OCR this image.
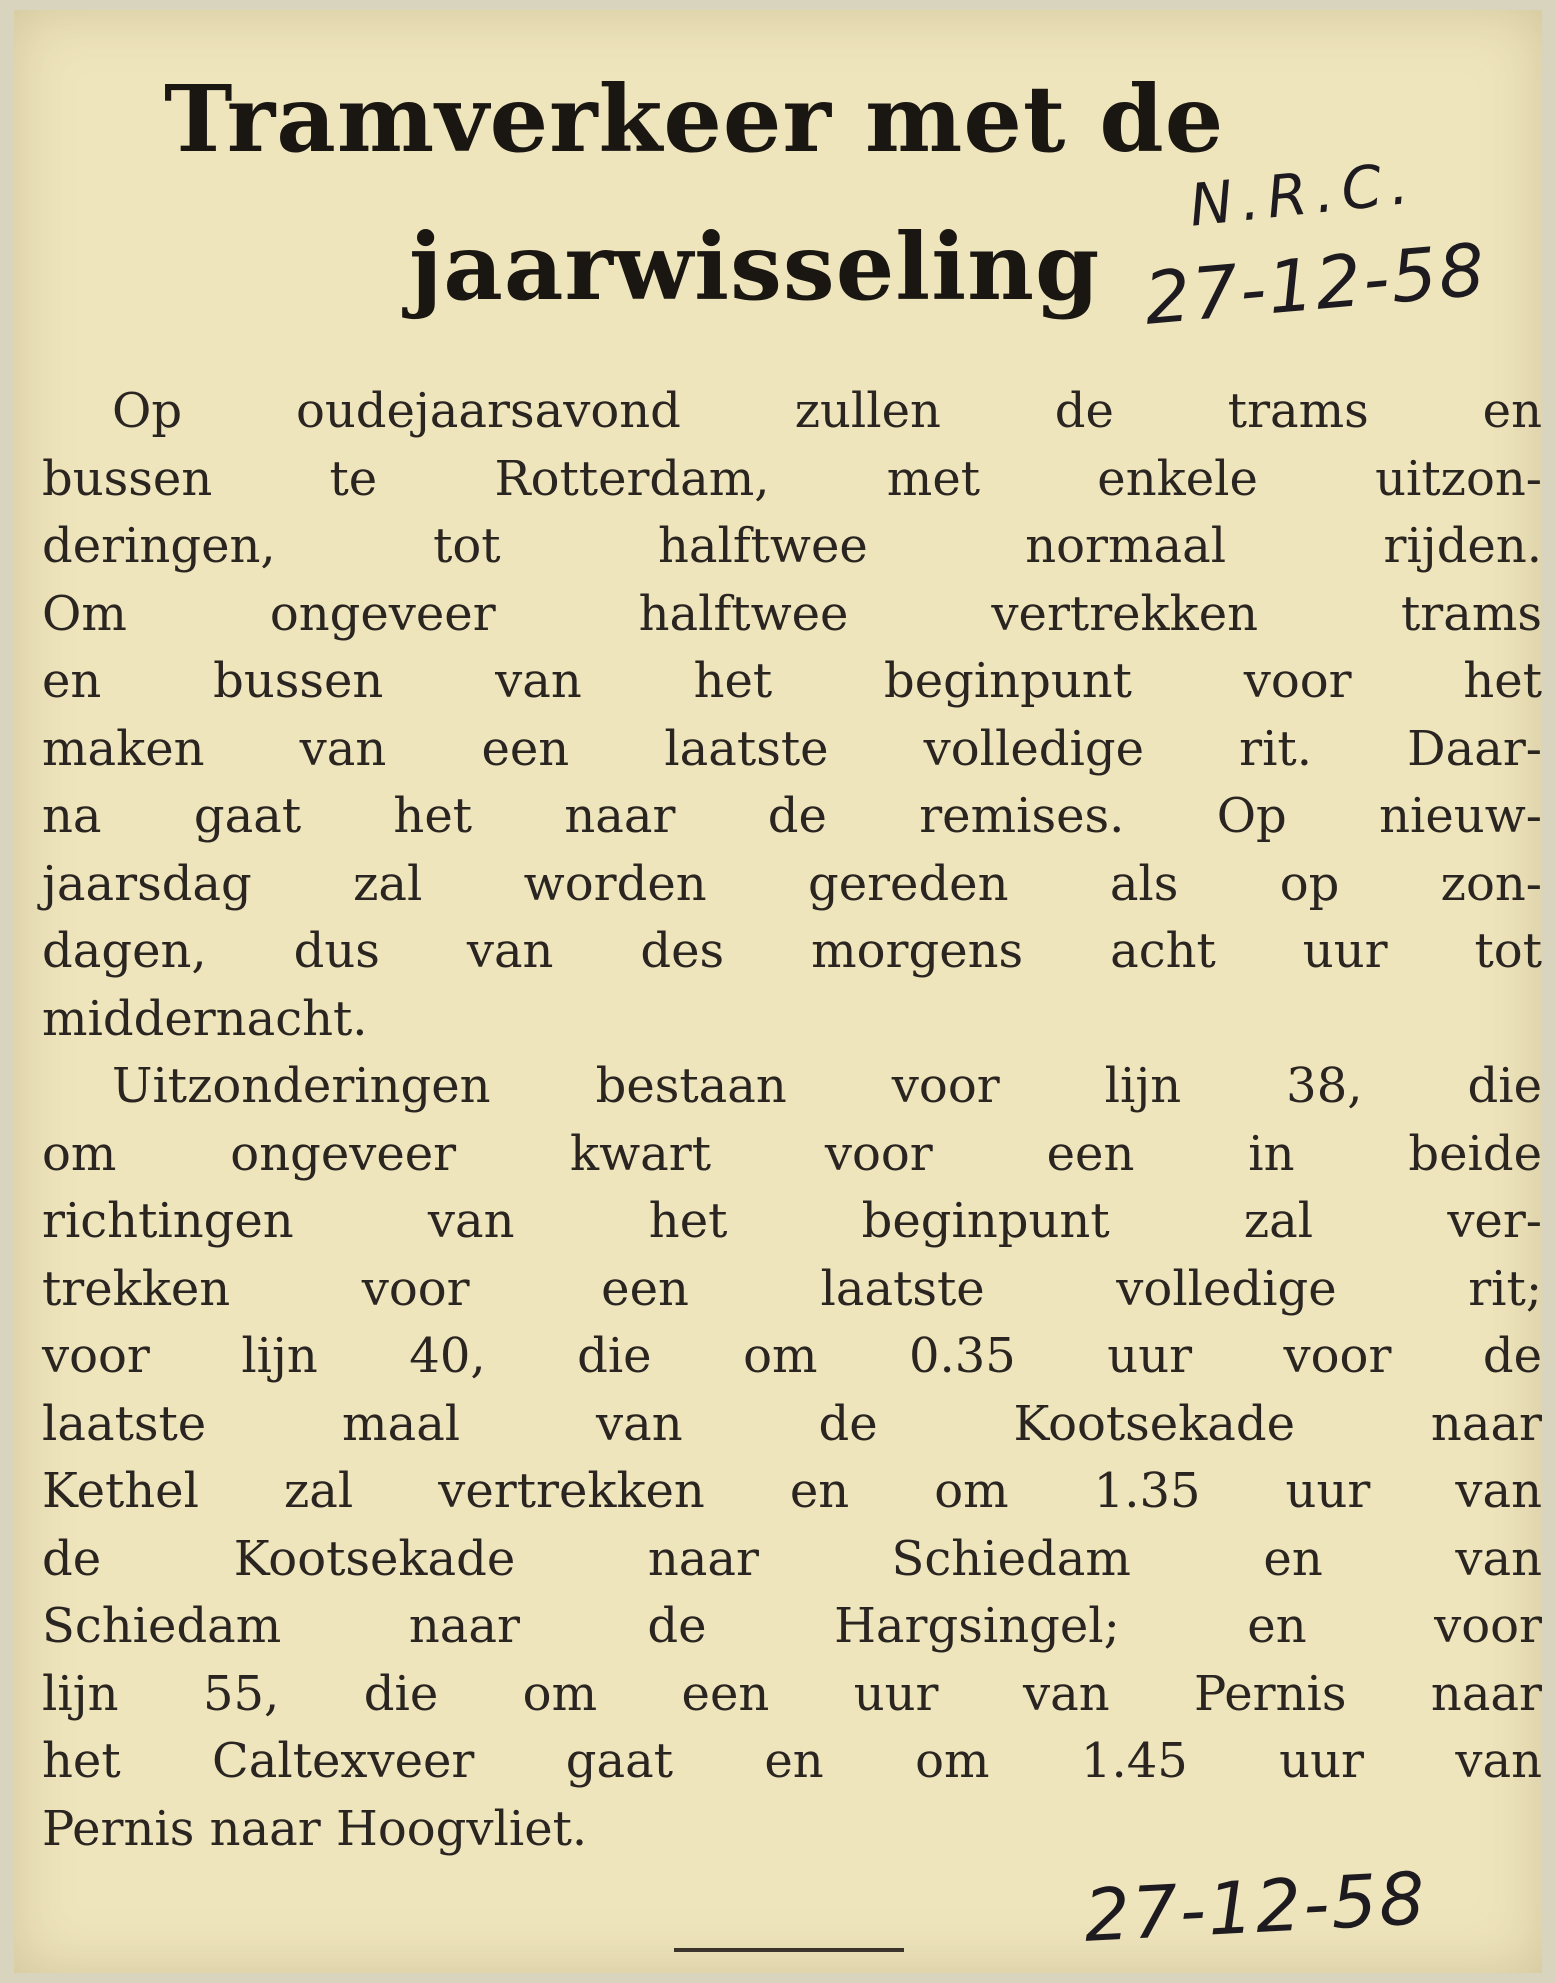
Tramverkeer met de
jaarwisseling
N.R.C.
27-12-58
Op oudejaarsavond zullen de trams en
bussen te Rotterdam, met enkele uitzon-
deringen, tot halftwee normaal rijden.
Om ongeveer halftwee vertrekken trams
en bussen van het beginpunt voor het
maken van een laatste volledige rit. Daar-
na gaat het naar de remises. Op nieuw-
jaarsdag zal worden gereden als op zon-
dagen, dus van des morgens acht uur tot
middernacht.
Uitzonderingen bestaan voor lijn 38, die
om ongeveer kwart voor een in beide
richtingen van het beginpunt zal ver-
trekken voor een laatste volledige rit;
voor lijn 40, die om 0.35 uur voor de
laatste maal van de Kootsekade naar
Kethel zal vertrekken en om 1.35 uur van
de Kootsekade naar Schiedam en van
Schiedam naar de Hargsingel; en voor
lijn 55, die om een uur van Pernis naar
het Caltexveer gaat en om 1.45 uur van
Pernis naar Hoogvliet.
27-12-58
